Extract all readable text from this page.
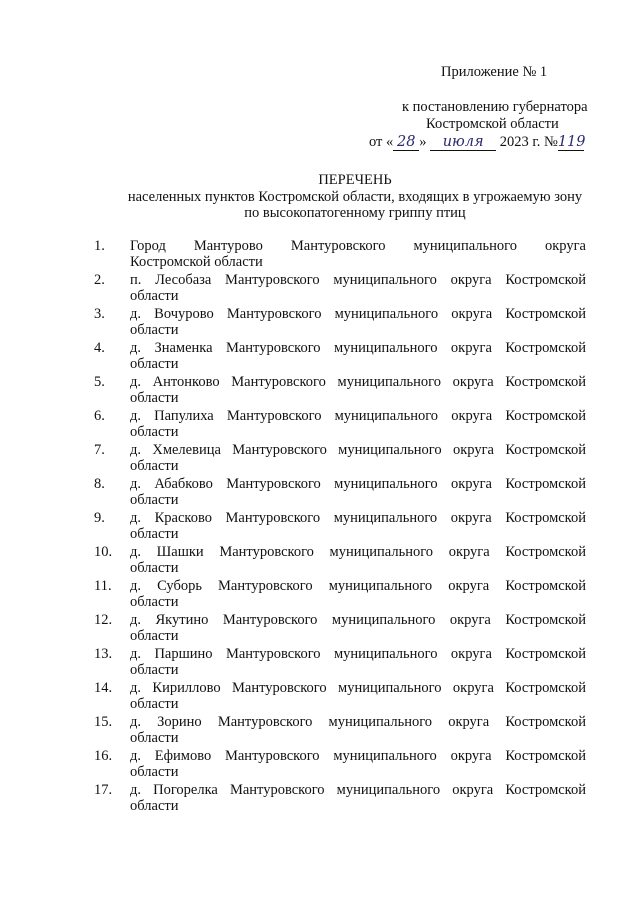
Приложение № 1
к постановлению губернатора
Костромской области
от « 28 » июля 2023 г. №119
ПЕРЕЧЕНЬ
населенных пунктов Костромской области, входящих в угрожаемую зону
по высокопатогенному гриппу птиц
1. Город Мантурово Мантуровского муниципального округа
Костромской области
2. п. Лесобаза Мантуровского муниципального округа Костромской
области
3. д. Вочурово Мантуровского муниципального округа Костромской
области
4. д. Знаменка Мантуровского муниципального округа Костромской
области
5. д. Антонково Мантуровского муниципального округа Костромской
области
6. д. Папулиха Мантуровского муниципального округа Костромской
области
7. д. Хмелевица Мантуровского муниципального округа Костромской
области
8. д. Абабково Мантуровского муниципального округа Костромской
области
9. д. Красково Мантуровского муниципального округа Костромской
области
10. д. Шашки Мантуровского муниципального округа Костромской
области
11. д. Суборь Мантуровского муниципального округа Костромской
области
12. д. Якутино Мантуровского муниципального округа Костромской
области
13. д. Паршино Мантуровского муниципального округа Костромской
области
14. д. Кириллово Мантуровского муниципального округа Костромской
области
15. д. Зорино Мантуровского муниципального округа Костромской
области
16. д. Ефимово Мантуровского муниципального округа Костромской
области
17. д. Погорелка Мантуровского муниципального округа Костромской
области
